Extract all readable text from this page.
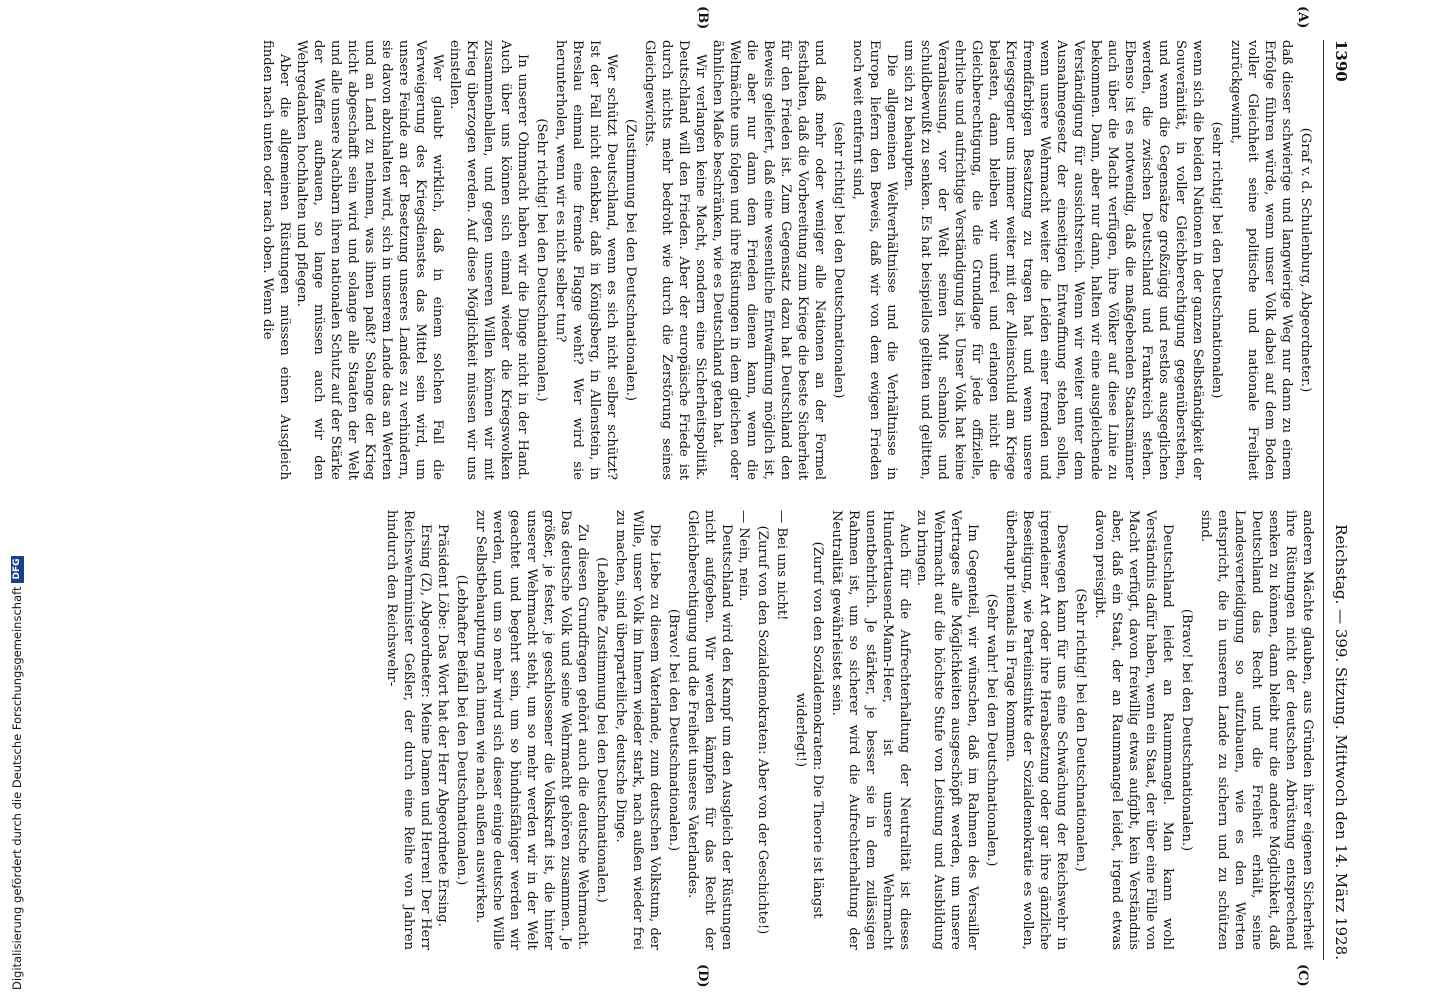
1390
Reichstag. — 399. Sitzung. Mittwoch den 14. März 1928.

(Graf v. d. Schulenburg, Abgeordneter.)

daß dieser schwierige und langwierige Weg nur dann zu einem Erfolge führen würde, wenn unser Volk dabei auf dem Boden voller Gleichheit seine politische und nationale Freiheit zurückgewinnt,

(sehr richtig! bei den Deutschnationalen)

wenn sich die beiden Nationen in der ganzen Selbständigkeit der Souveränität, in voller Gleichberechtigung gegenüberstehen, und wenn die Gegensätze großzügig und restlos ausgeglichen werden, die zwischen Deutschland und Frankreich stehen. Ebenso ist es notwendig, daß die maßgebenden Staatsmänner auch über die Macht verfügen, ihre Völker auf diese Linie zu bekommen. Dann, aber nur dann, halten wir eine ausgleichende Verständigung für aussichtsreich. Wenn wir weiter unter dem Ausnahmegesetz der einseitigen Entwaffnung stehen sollen, wenn unsere Wehrmacht weiter die Leiden einer fremden und fremdfarbigen Besatzung zu tragen hat und wenn unsere Kriegsgegner uns immer weiter mit der Alleinschuld am Kriege belasten, dann bleiben wir unfrei und erlangen nicht die Gleichberechtigung, die die Grundlage für jede offizielle, ehrliche und aufrichtige Verständigung ist. Unser Volk hat keine Veranlassung, vor der Welt seinen Mut schamlos und schuldbewußt zu senken. Es hat beispiellos gelitten und gelitten, um sich zu behaupten.

Die allgemeinen Weltverhältnisse und die Verhältnisse in Europa liefern den Beweis, daß wir von dem ewigen Frieden noch weit entfernt sind,

(sehr richtig! bei den Deutschnationalen)

und daß mehr oder weniger alle Nationen an der Formel festhalten, daß die Vorbereitung zum Kriege die beste Sicherheit für den Frieden ist. Zum Gegensatz dazu hat Deutschland den Beweis geliefert, daß eine wesentliche Entwaffnung möglich ist, die aber nur dann dem Frieden dienen kann, wenn die Weltmächte uns folgen und ihre Rüstungen in dem gleichen oder ähnlichen Maße beschränken, wie es Deutschland getan hat.

Wir verlangen keine Macht, sondern eine Sicherheitspolitik. Deutschland will den Frieden. Aber der europäische Friede ist durch nichts mehr bedroht wie durch die Zerstörung seines Gleichgewichts.

(Zustimmung bei den Deutschnationalen.)

Wer schützt Deutschland, wenn es sich nicht selber schützt? Ist der Fall nicht denkbar, daß in Königsberg, in Allenstein, in Breslau einmal eine fremde Flagge weht? Wer wird sie herunterholen, wenn wir es nicht selber tun?

(Sehr richtig! bei den Deutschnationalen.)

In unserer Ohnmacht haben wir die Dinge nicht in der Hand. Auch über uns können sich einmal wieder die Kriegswolken zusammenballen, und gegen unseren Willen können wir mit Krieg überzogen werden. Auf diese Möglichkeit müssen wir uns einstellen.

Wer glaubt wirklich, daß in einem solchen Fall die Verweigerung des Kriegsdienstes das Mittel sein wird, um unsere Feinde an der Besetzung unseres Landes zu verhindern, sie davon abzuhalten wird, sich in unserem Lande das an Werten und an Land zu nehmen, was ihnen paßt? Solange der Krieg nicht abgeschafft sein wird und solange alle Staaten der Welt und alle unsere Nachbarn ihren nationalen Schutz auf der Stärke der Waffen aufbauen, so lange müssen auch wir den Wehrgedanken hochhalten und pflegen.

Aber die allgemeinen Rüstungen müssen einen Ausgleich finden nach unten oder nach oben. Wenn die

anderen Mächte glauben, aus Gründen ihrer eigenen Sicherheit ihre Rüstungen nicht der deutschen Abrüstung entsprechend senken zu können, dann bleibt nur die andere Möglichkeit, daß Deutschland das Recht und die Freiheit erhält, seine Landesverteidigung so aufzubauen, wie es den Werten entspricht, die in unserem Lande zu sichern und zu schützen sind.

(Bravo! bei den Deutschnationalen.)

Deutschland leidet an Raummangel. Man kann wohl Verständnis dafür haben, wenn ein Staat, der über eine Fülle von Macht verfügt, davon freiwillig etwas aufgibt, kein Verständnis aber, daß ein Staat, der an Raummangel leidet, irgend etwas davon preisgibt.

(Sehr richtig! bei den Deutschnationalen.)

Deswegen kann für uns eine Schwächung der Reichswehr in irgendeiner Art oder ihre Herabsetzung oder gar ihre gänzliche Beseitigung, wie Parteiinstinkte der Sozialdemokratie es wollen, überhaupt niemals in Frage kommen.

(Sehr wahr! bei den Deutschnationalen.)

Im Gegenteil, wir wünschen, daß im Rahmen des Versailler Vertrages alle Möglichkeiten ausgeschöpft werden, um unsere Wehrmacht auf die höchste Stufe von Leistung und Ausbildung zu bringen.

Auch für die Aufrechterhaltung der Neutralität ist dieses Hunderttausend-Mann-Heer, ist unsere Wehrmacht unentbehrlich. Je stärker, je besser sie in dem zulässigen Rahmen ist, um so sicherer wird die Aufrechterhaltung der Neutralität gewährleistet sein.

(Zuruf von den Sozialdemokraten: Die Theorie ist längst widerlegt!)

— Bei uns nicht!

(Zuruf von den Sozialdemokraten: Aber von der Geschichte!)

— Nein, nein.

Deutschland wird den Kampf um den Ausgleich der Rüstungen nicht aufgeben. Wir werden kämpfen für das Recht der Gleichberechtigung und die Freiheit unseres Vaterlandes.

(Bravo! bei den Deutschnationalen.)

Die Liebe zu diesem Vaterlande, zum deutschen Volkstum, der Wille, unser Volk im Innern wieder stark, nach außen wieder frei zu machen, sind überparteiliche, deutsche Dinge.

(Lebhafte Zustimmung bei den Deutschnationalen.)

Zu diesen Grundfragen gehört auch die deutsche Wehrmacht. Das deutsche Volk und seine Wehrmacht gehören zusammen. Je größer, je fester, je geschlossener die Volkskraft ist, die hinter unserer Wehrmacht steht, um so mehr werden wir in der Welt geachtet und begehrt sein, um so bündnisfähiger werden wir werden, und um so mehr wird sich dieser einige deutsche Wille zur Selbstbehauptung nach innen wie nach außen auswirken.

(Lebhafter Beifall bei den Deutschnationalen.)

Präsident Löbe: Das Wort hat der Herr Abgeordnete Ersing.

Ersing (Z), Abgeordneter: Meine Damen und Herren! Der Herr Reichswehrminister Geßler, der durch eine Reihe von Jahren hindurch den Reichswehr-

(A)
(B)
(C)
(D)
Digitalisierung gefördert durch die Deutsche Forschungsgemeinschaft
DFG
